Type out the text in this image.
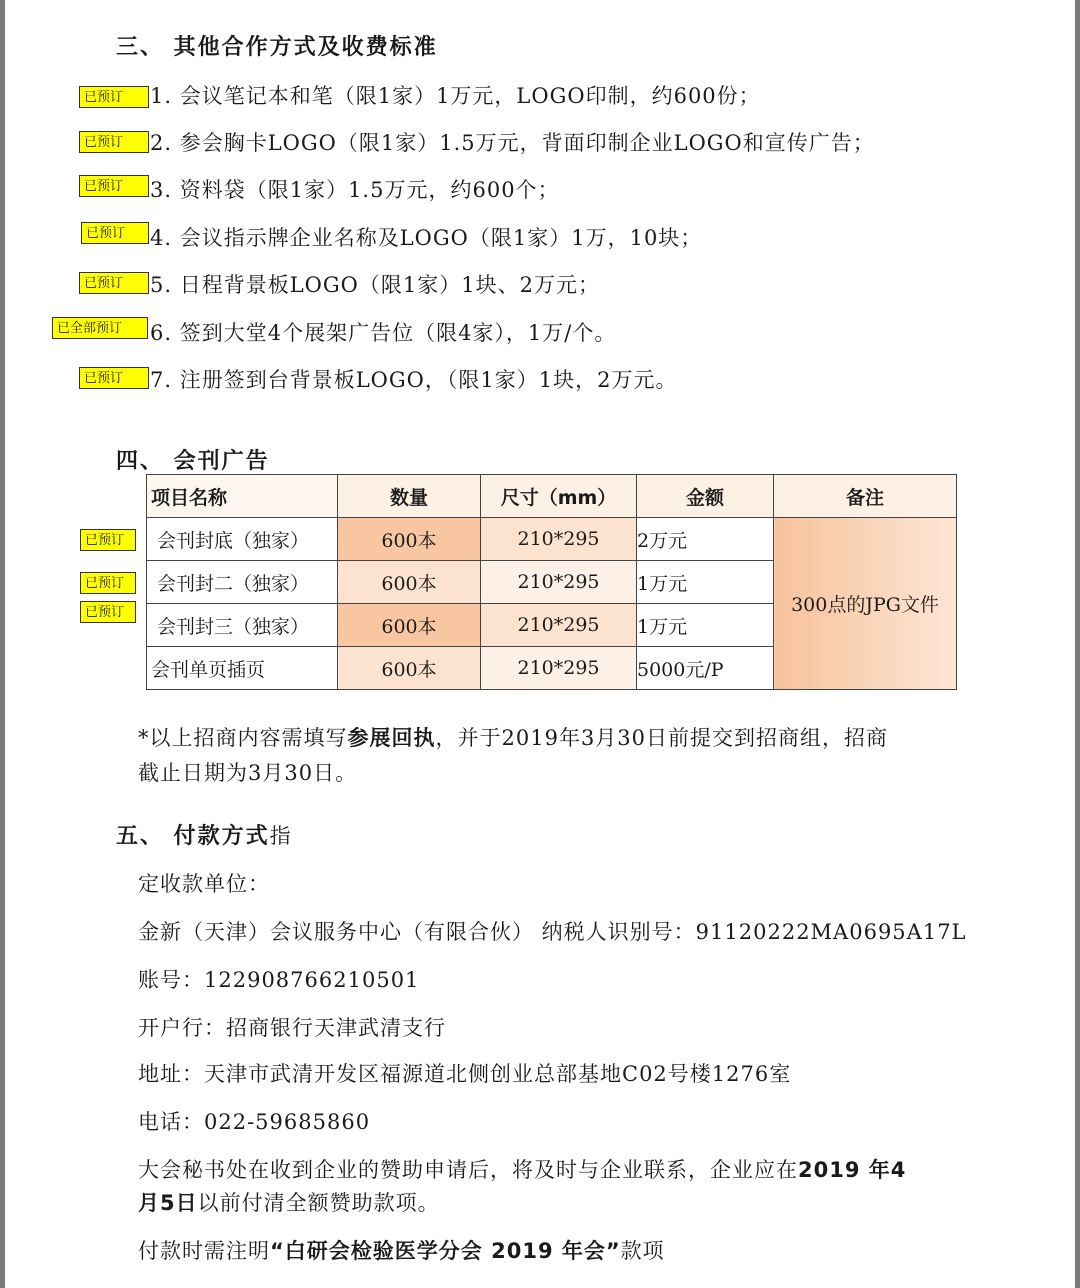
三、 其他合作方式及收费标准
已预订	1. 会议笔记本和笔（限1家）1万元，LOGO印制，约600份；
已预订	2. 参会胸卡LOGO（限1家）1.5万元，背面印制企业LOGO和宣传广告；
已预订	3. 资料袋（限1家）1.5万元，约600个；
已预订	4. 会议指示牌企业名称及LOGO（限1家）1万，10块；
已预订	5. 日程背景板LOGO（限1家）1块、2万元；
已全部预订	6. 签到大堂4个展架广告位（限4家），1万/个。
已预订	7. 注册签到台背景板LOGO，（限1家）1块，2万元。
四、 会刊广告
已预订
已预订
已预订
项目名称	数量	尺寸（mm）	金额	备注
会刊封底（独家）	600本	210*295	2万元	300点的JPG文件
会刊封二（独家）	600本	210*295	1万元	
会刊封三（独家）	600本	210*295	1万元	
会刊单页插页	600本	210*295	5000元/P	
*以上招商内容需填写参展回执，并于2019年3月30日前提交到招商组，招商
截止日期为3月30日。
五、 付款方式指
定收款单位：
金新（天津）会议服务中心（有限合伙） 纳税人识别号：91120222MA0695A17L
账号：122908766210501
开户行：招商银行天津武清支行
地址：天津市武清开发区福源道北侧创业总部基地C02号楼1276室
电话：022-59685860
大会秘书处在收到企业的赞助申请后，将及时与企业联系，企业应在2019 年4
月5日以前付清全额赞助款项。
付款时需注明“白研会检验医学分会 2019 年会”款项
